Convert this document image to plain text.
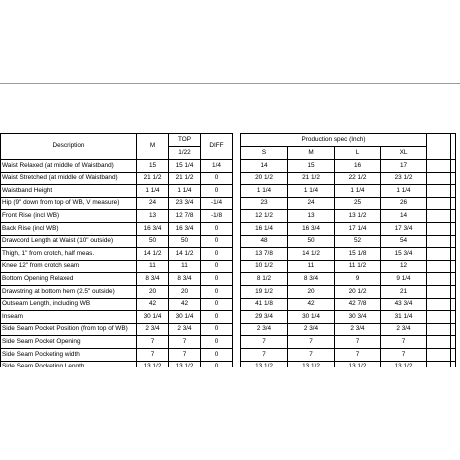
Description	M	TOP	DIFF		Production spec (Inch)				
		1/22			S	M	L	XL	
Waist Relaxed (at middle of Waistband)	15	15 1/4	1/4		14	15	16	17	
Waist Stretched (at middle of Waistband)	21 1/2	21 1/2	0		20 1/2	21 1/2	22 1/2	23 1/2	
Waistband Height	1 1/4	1 1/4	0		1 1/4	1 1/4	1 1/4	1 1/4	
Hip (9" down from top of WB, V measure)	24	23 3/4	-1/4		23	24	25	26	
Front Rise (incl WB)	13	12 7/8	-1/8		12 1/2	13	13 1/2	14	
Back Rise (incl WB)	16 3/4	16 3/4	0		16 1/4	16 3/4	17 1/4	17 3/4	
Drawcord Length at Waist (10" outside)	50	50	0		48	50	52	54	
Thigh, 1" from crotch, half meas.	14 1/2	14 1/2	0		13 7/8	14 1/2	15 1/8	15 3/4	
Knee 12" from crotch seam	11	11	0		10 1/2	11	11 1/2	12	
Bottom Opening Relaxed	8 3/4	8 3/4	0		8 1/2	8 3/4	9	9 1/4	
Drawstring at bottom hem (2.5" outside)	20	20	0		19 1/2	20	20 1/2	21	
Outseam Length, including WB	42	42	0		41 1/8	42	42 7/8	43 3/4	
Inseam	30 1/4	30 1/4	0		29 3/4	30 1/4	30 3/4	31 1/4	
Side Seam Pocket Position (from top of WB)	2 3/4	2 3/4	0		2 3/4	2 3/4	2 3/4	2 3/4	
Side Seam Pocket Opening	7	7	0		7	7	7	7	
Side Seam Pocketing width	7	7	0		7	7	7	7	
